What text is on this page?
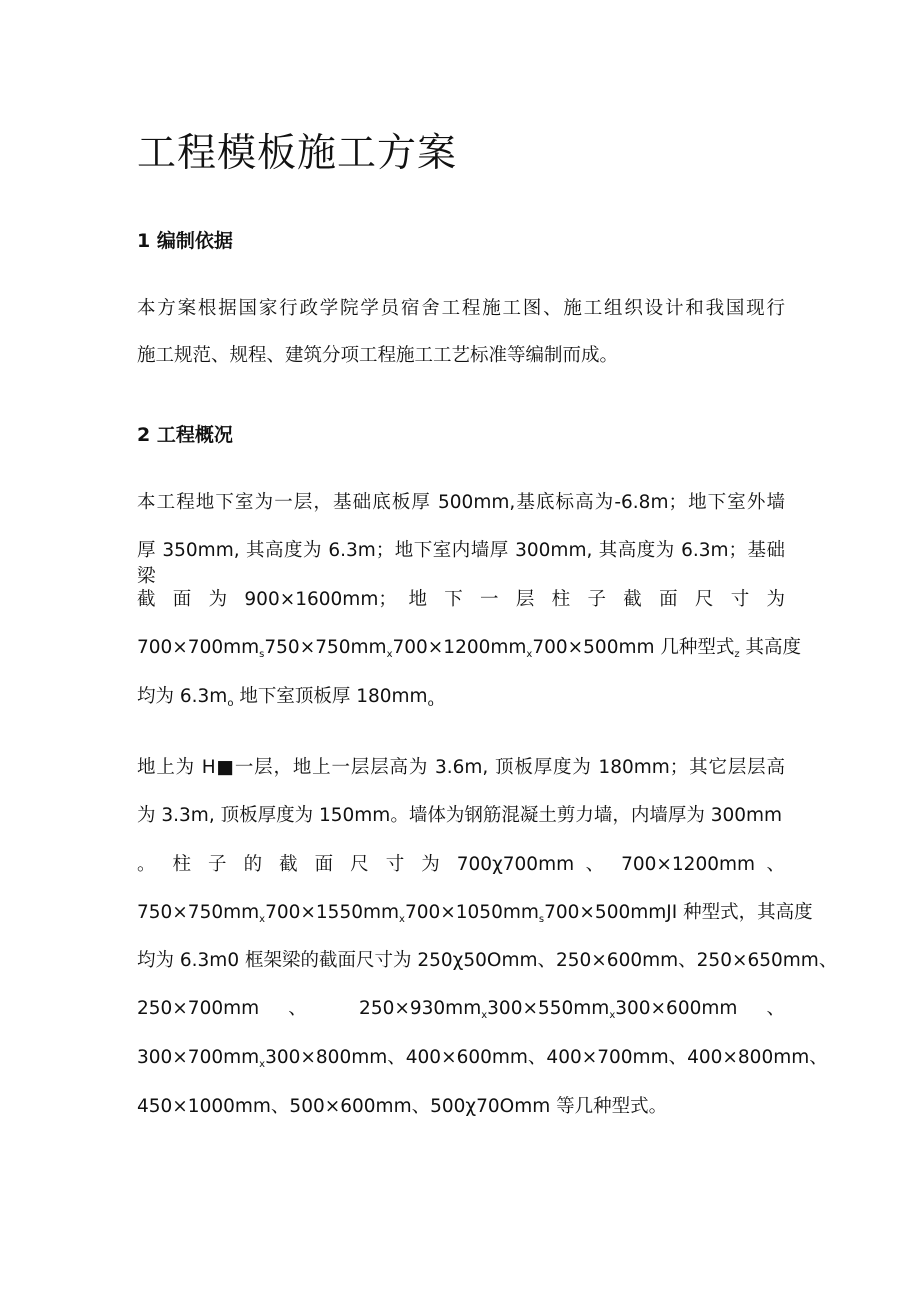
工程模板施工方案
1 编制依据

本方案根据国家行政学院学员宿舍工程施工图、施工组织设计和我国现行

施工规范、规程、建筑分项工程施工工艺标准等编制而成。

2 工程概况

本工程地下室为一层，基础底板厚 500mm,基底标高为-6.8m；地下室外墙

厚 350mm, 其高度为 6.3m；地下室内墙厚 300mm, 其高度为 6.3m；基础梁

截 面 为 900×1600mm； 地 下 一 层 柱 子 截 面 尺 寸 为

$700\times 700mm_s750\times 750mm_x700\times 1200mm_x700\times 500mm$ 几种型式$_z$ 其高度

均为 $6.3m_o$ 地下室顶板厚 $180mm_o$

地上为 H■一层，地上一层层高为 3.6m, 顶板厚度为 180mm；其它层层高

为 3.3m, 顶板厚度为 150mm。墙体为钢筋混凝土剪力墙，内墙厚为 300mm

。 柱 子 的 截 面 尺 寸 为 700χ700mm 、 700×1200mm 、

$750\times 750mm_x700\times 1550mm_x700\times 1050mm_s700\times 500mmJI$ 种型式，其高度

均为 6.3m0 框架梁的截面尺寸为 250χ50Omm、250×600mm、250×650mm、

250×700mm 、 $250\times 930mm_x300\times 550mm_x300\times 600mm$ 、

$300\times 700mm_x300\times 800mm$、400×600mm、400×700mm、400×800mm、

450×1000mm、500×600mm、500χ70Omm 等几种型式。
